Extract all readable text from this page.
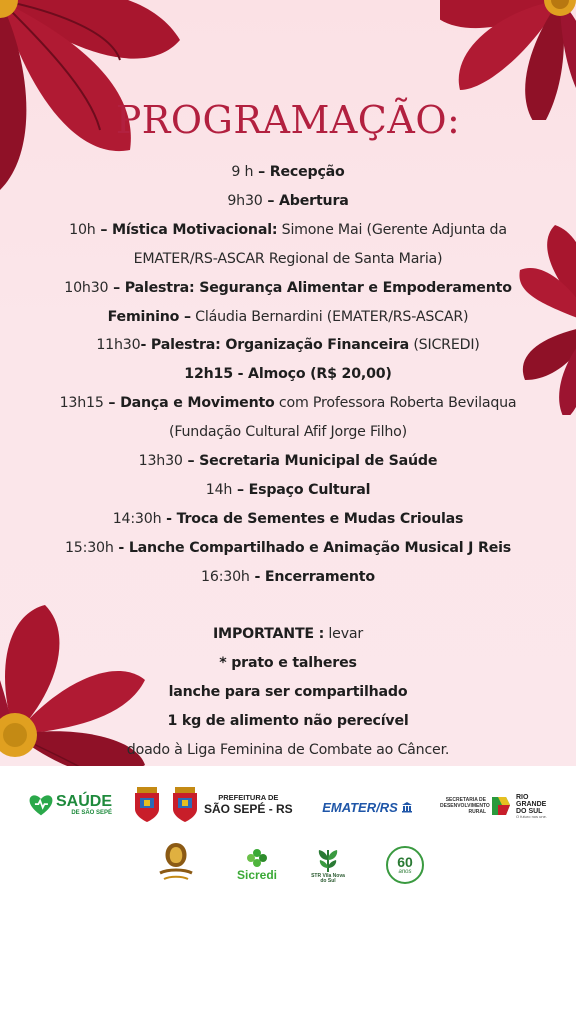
PROGRAMAÇÃO:
9 h – Recepção
9h30 – Abertura
10h – Mística Motivacional: Simone Mai (Gerente Adjunta da
EMATER/RS-ASCAR Regional de Santa Maria)
10h30 – Palestra: Segurança Alimentar e Empoderamento
Feminino – Cláudia Bernardini (EMATER/RS-ASCAR)
11h30- Palestra: Organização Financeira (SICREDI)
12h15 - Almoço (R$ 20,00)
13h15 – Dança e Movimento com Professora Roberta Bevilaqua
(Fundação Cultural Afif Jorge Filho)
13h30 – Secretaria Municipal de Saúde
14h – Espaço Cultural
14:30h - Troca de Sementes e Mudas Crioulas
15:30h - Lanche Compartilhado e Animação Musical J Reis
16:30h - Encerramento
IMPORTANTE : levar
* prato e talheres
lanche para ser compartilhado
1 kg de alimento não perecível
doado à Liga Feminina de Combate ao Câncer.
SAÚDE
DE SÃO SEPÉ
PREFEITURA DE
SÃO SEPÉ - RS EMATER/RS	SECRETARIA DE DESENVOLVIMENTO RURAL
RIO GRANDE DO SUL
O futuro nos une.
Sicredi	STR Vila Nova do Sul
60
anos
